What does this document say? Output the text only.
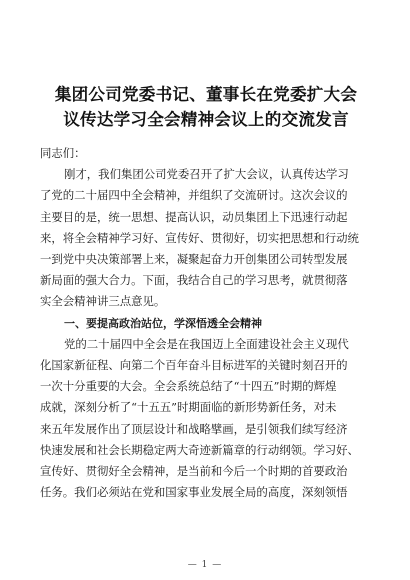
集团公司党委书记、董事长在党委扩大会
议传达学习全会精神会议上的交流发言
同志们：
刚才，我们集团公司党委召开了扩大会议，认真传达学习
了党的二十届四中全会精神，并组织了交流研讨。这次会议的
主要目的是，统一思想、提高认识，动员集团上下迅速行动起
来，将全会精神学习好、宣传好、贯彻好，切实把思想和行动统
一到党中央决策部署上来，凝聚起奋力开创集团公司转型发展
新局面的强大合力。下面，我结合自己的学习思考，就贯彻落
实全会精神讲三点意见。
一、要提高政治站位，学深悟透全会精神
党的二十届四中全会是在我国迈上全面建设社会主义现代
化国家新征程、向第二个百年奋斗目标进军的关键时刻召开的
一次十分重要的大会。全会系统总结了“十四五”时期的辉煌
成就，深刻分析了“十五五”时期面临的新形势新任务，对未
来五年发展作出了顶层设计和战略擘画，是引领我们续写经济
快速发展和社会长期稳定两大奇迹新篇章的行动纲领。学习好、
宣传好、贯彻好全会精神，是当前和今后一个时期的首要政治
任务。我们必须站在党和国家事业发展全局的高度，深刻领悟
— 1 —
